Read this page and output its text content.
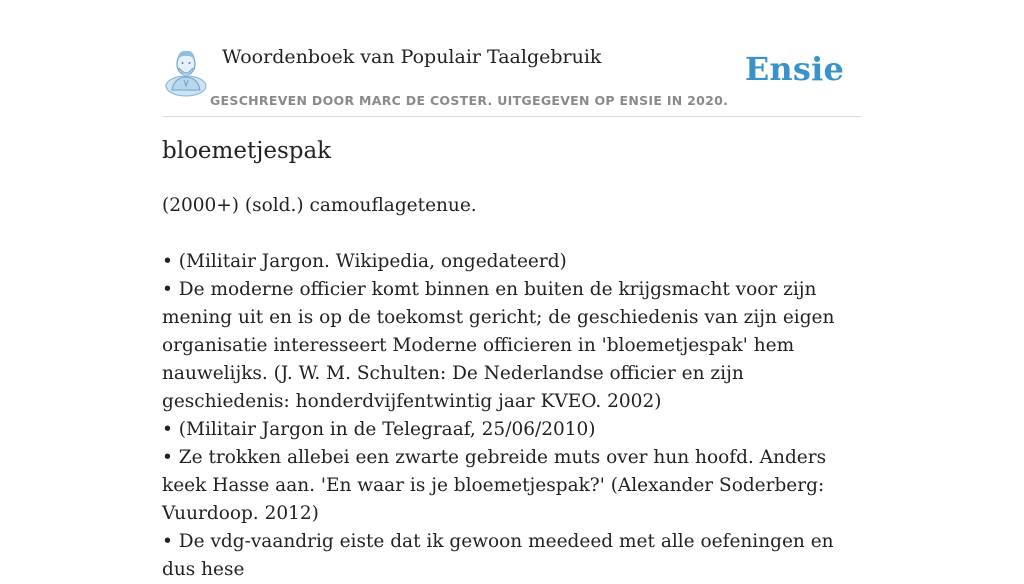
Woordenboek van Populair Taalgebruik
GESCHREVEN DOOR MARC DE COSTER. UITGEGEVEN OP ENSIE IN 2020.
Ensie
bloemetjespak

(2000+) (sold.) camouflagetenue.

• (Militair Jargon. Wikipedia, ongedateerd)

• De moderne officier komt binnen en buiten de krijgsmacht voor zijn mening uit en is op de toekomst gericht; de geschiedenis van zijn eigen organisatie interesseert Moderne officieren in 'bloemetjespak' hem nauwelijks. (J. W. M. Schulten: De Nederlandse officier en zijn geschiedenis: honderdvijfentwintig jaar KVEO. 2002)

• (Militair Jargon in de Telegraaf, 25/06/2010)

• Ze trokken allebei een zwarte gebreide muts over hun hoofd. Anders keek Hasse aan. 'En waar is je bloemetjespak?' (Alexander Soderberg: Vuurdoop. 2012)

• De vdg-vaandrig eiste dat ik gewoon meedeed met alle oefeningen en dus hese
